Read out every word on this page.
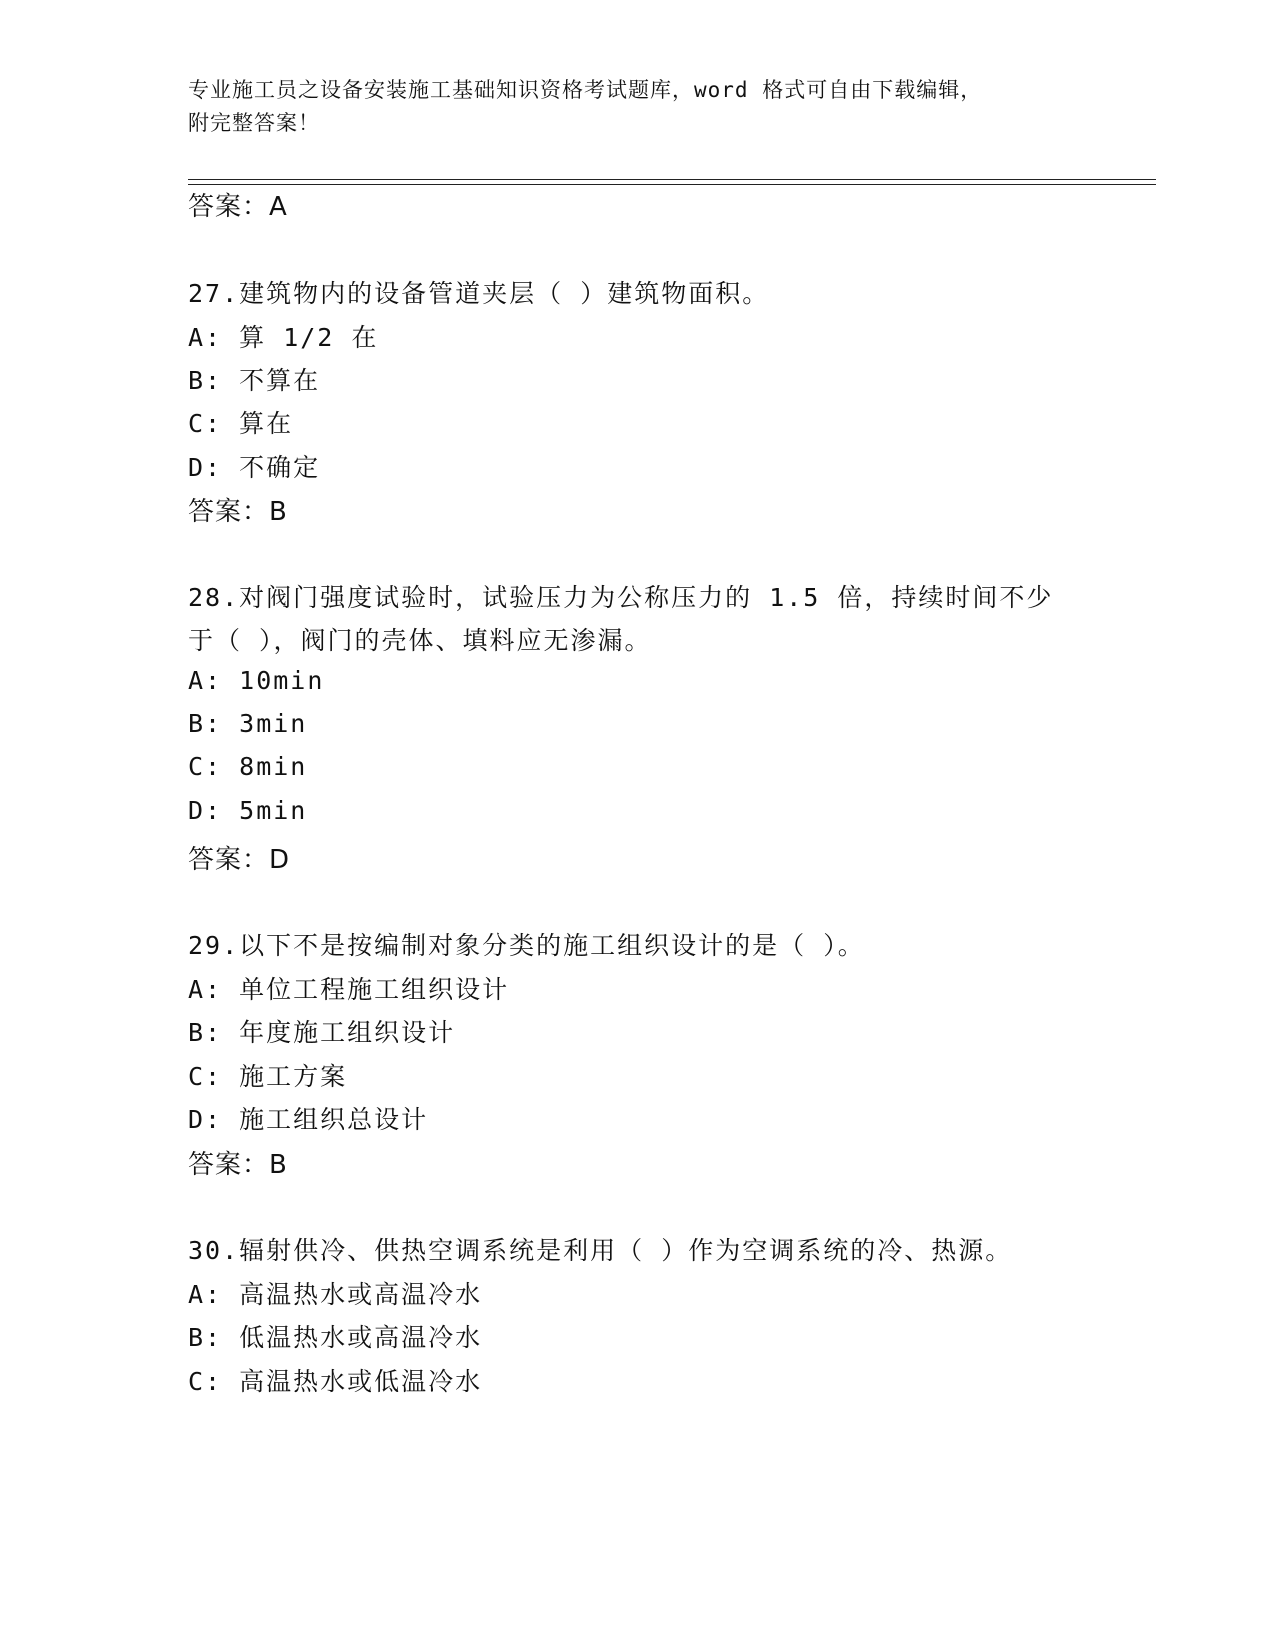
专业施工员之设备安装施工基础知识资格考试题库，word 格式可自由下载编辑，
附完整答案！
答案：A
27.建筑物内的设备管道夹层（ ）建筑物面积。
A: 算 1/2 在
B: 不算在
C: 算在
D: 不确定
答案：B
28.对阀门强度试验时，试验压力为公称压力的 1.5 倍，持续时间不少
于（ ），阀门的壳体、填料应无渗漏。
A: 10min
B: 3min
C: 8min
D: 5min
答案：D
29.以下不是按编制对象分类的施工组织设计的是（ ）。
A: 单位工程施工组织设计
B: 年度施工组织设计
C: 施工方案
D: 施工组织总设计
答案：B
30.辐射供冷、供热空调系统是利用（ ）作为空调系统的冷、热源。
A: 高温热水或高温冷水
B: 低温热水或高温冷水
C: 高温热水或低温冷水
